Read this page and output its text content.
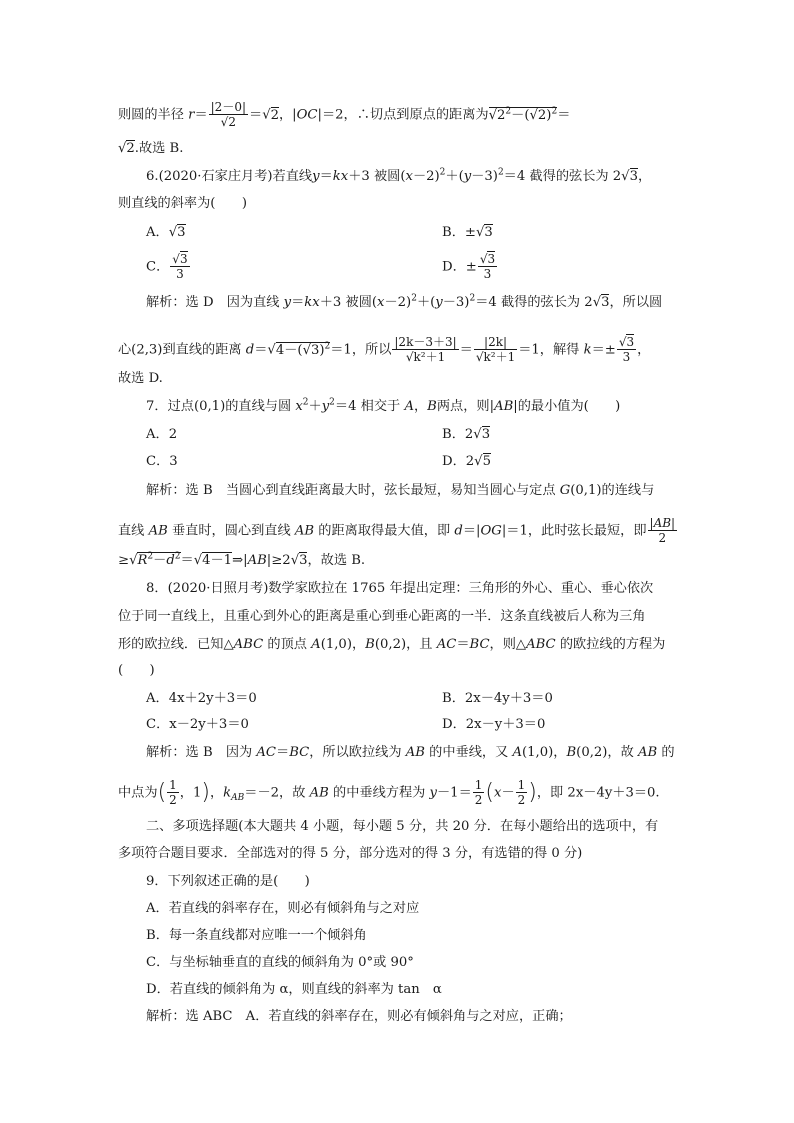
则圆的半径 $r= \frac{|2-0|}{√2} =√2$，|OC|＝2，∴切点到原点的距离为$√2^2-(√2)^2=$
√2.故选 B.
6.(2020·石家庄月考)若直线y＝kx＋3 被圆$(x-2)^2+(y-3)^2=4$ 截得的弦长为 2√3，
则直线的斜率为(　　)
A．√3	B．±√3
C． $\frac{√3}{3}$	D．± $\frac{√3}{3}$
解析：选 D　因为直线 y＝kx＋3 被圆$(x-2)^2+(y-3)^2=4$ 截得的弦长为 2√3，所以圆
心(2,3)到直线的距离 $d=√4-(√3)^2=1$，所以 $\frac{|2k-3+3|}{\text{√k²＋1}} = \frac{|2k|}{\text{√k²＋1}} =1$，解得 $k=\pm \frac{√3}{3}$ ，
故选 D.
7．过点(0,1)的直线与圆 $x^2+y^2=4$ 相交于 A，B两点，则|AB|的最小值为(　　)
A．2	B．2√3
C．3	D．2√5
解析：选 B　当圆心到直线距离最大时，弦长最短，易知当圆心与定点 G(0,1)的连线与
直线 AB 垂直时，圆心到直线 AB 的距离取得最大值，即 d＝|OG|＝1，此时弦长最短，即 $\frac{|AB|}{2}$
$\ge√R^2-d^2=√4-1\Rightarrow|AB|\ge 2√3$，故选 B.
8．(2020·日照月考)数学家欧拉在 1765 年提出定理：三角形的外心、重心、垂心依次
位于同一直线上，且重心到外心的距离是重心到垂心距离的一半．这条直线被后人称为三角
形的欧拉线．已知△ABC 的顶点 A(1,0)，B(0,2)，且 AC＝BC，则△ABC 的欧拉线的方程为
(　　)
A．4x＋2y＋3＝0	B．2x－4y＋3＝0
C．x－2y＋3＝0	D．2x－y＋3＝0
解析：选 B　因为 AC＝BC，所以欧拉线为 AB 的中垂线，又 A(1,0)，B(0,2)，故 AB 的
中点为( $\frac{1}{2}$ ，1)，$k_{AB}=-2$，故 AB 的中垂线方程为 $y-1= \frac{1}{2} (x- \frac{1}{2}$ )，即 2x－4y＋3＝0.
二、多项选择题(本大题共 4 小题，每小题 5 分，共 20 分．在每小题给出的选项中，有
多项符合题目要求．全部选对的得 5 分，部分选对的得 3 分，有选错的得 0 分)
9．下列叙述正确的是(　　)
A．若直线的斜率存在，则必有倾斜角与之对应
B．每一条直线都对应唯一一个倾斜角
C．与坐标轴垂直的直线的倾斜角为 0°或 90°
D．若直线的倾斜角为 α，则直线的斜率为 tan　α
解析：选 ABC　A．若直线的斜率存在，则必有倾斜角与之对应，正确；
